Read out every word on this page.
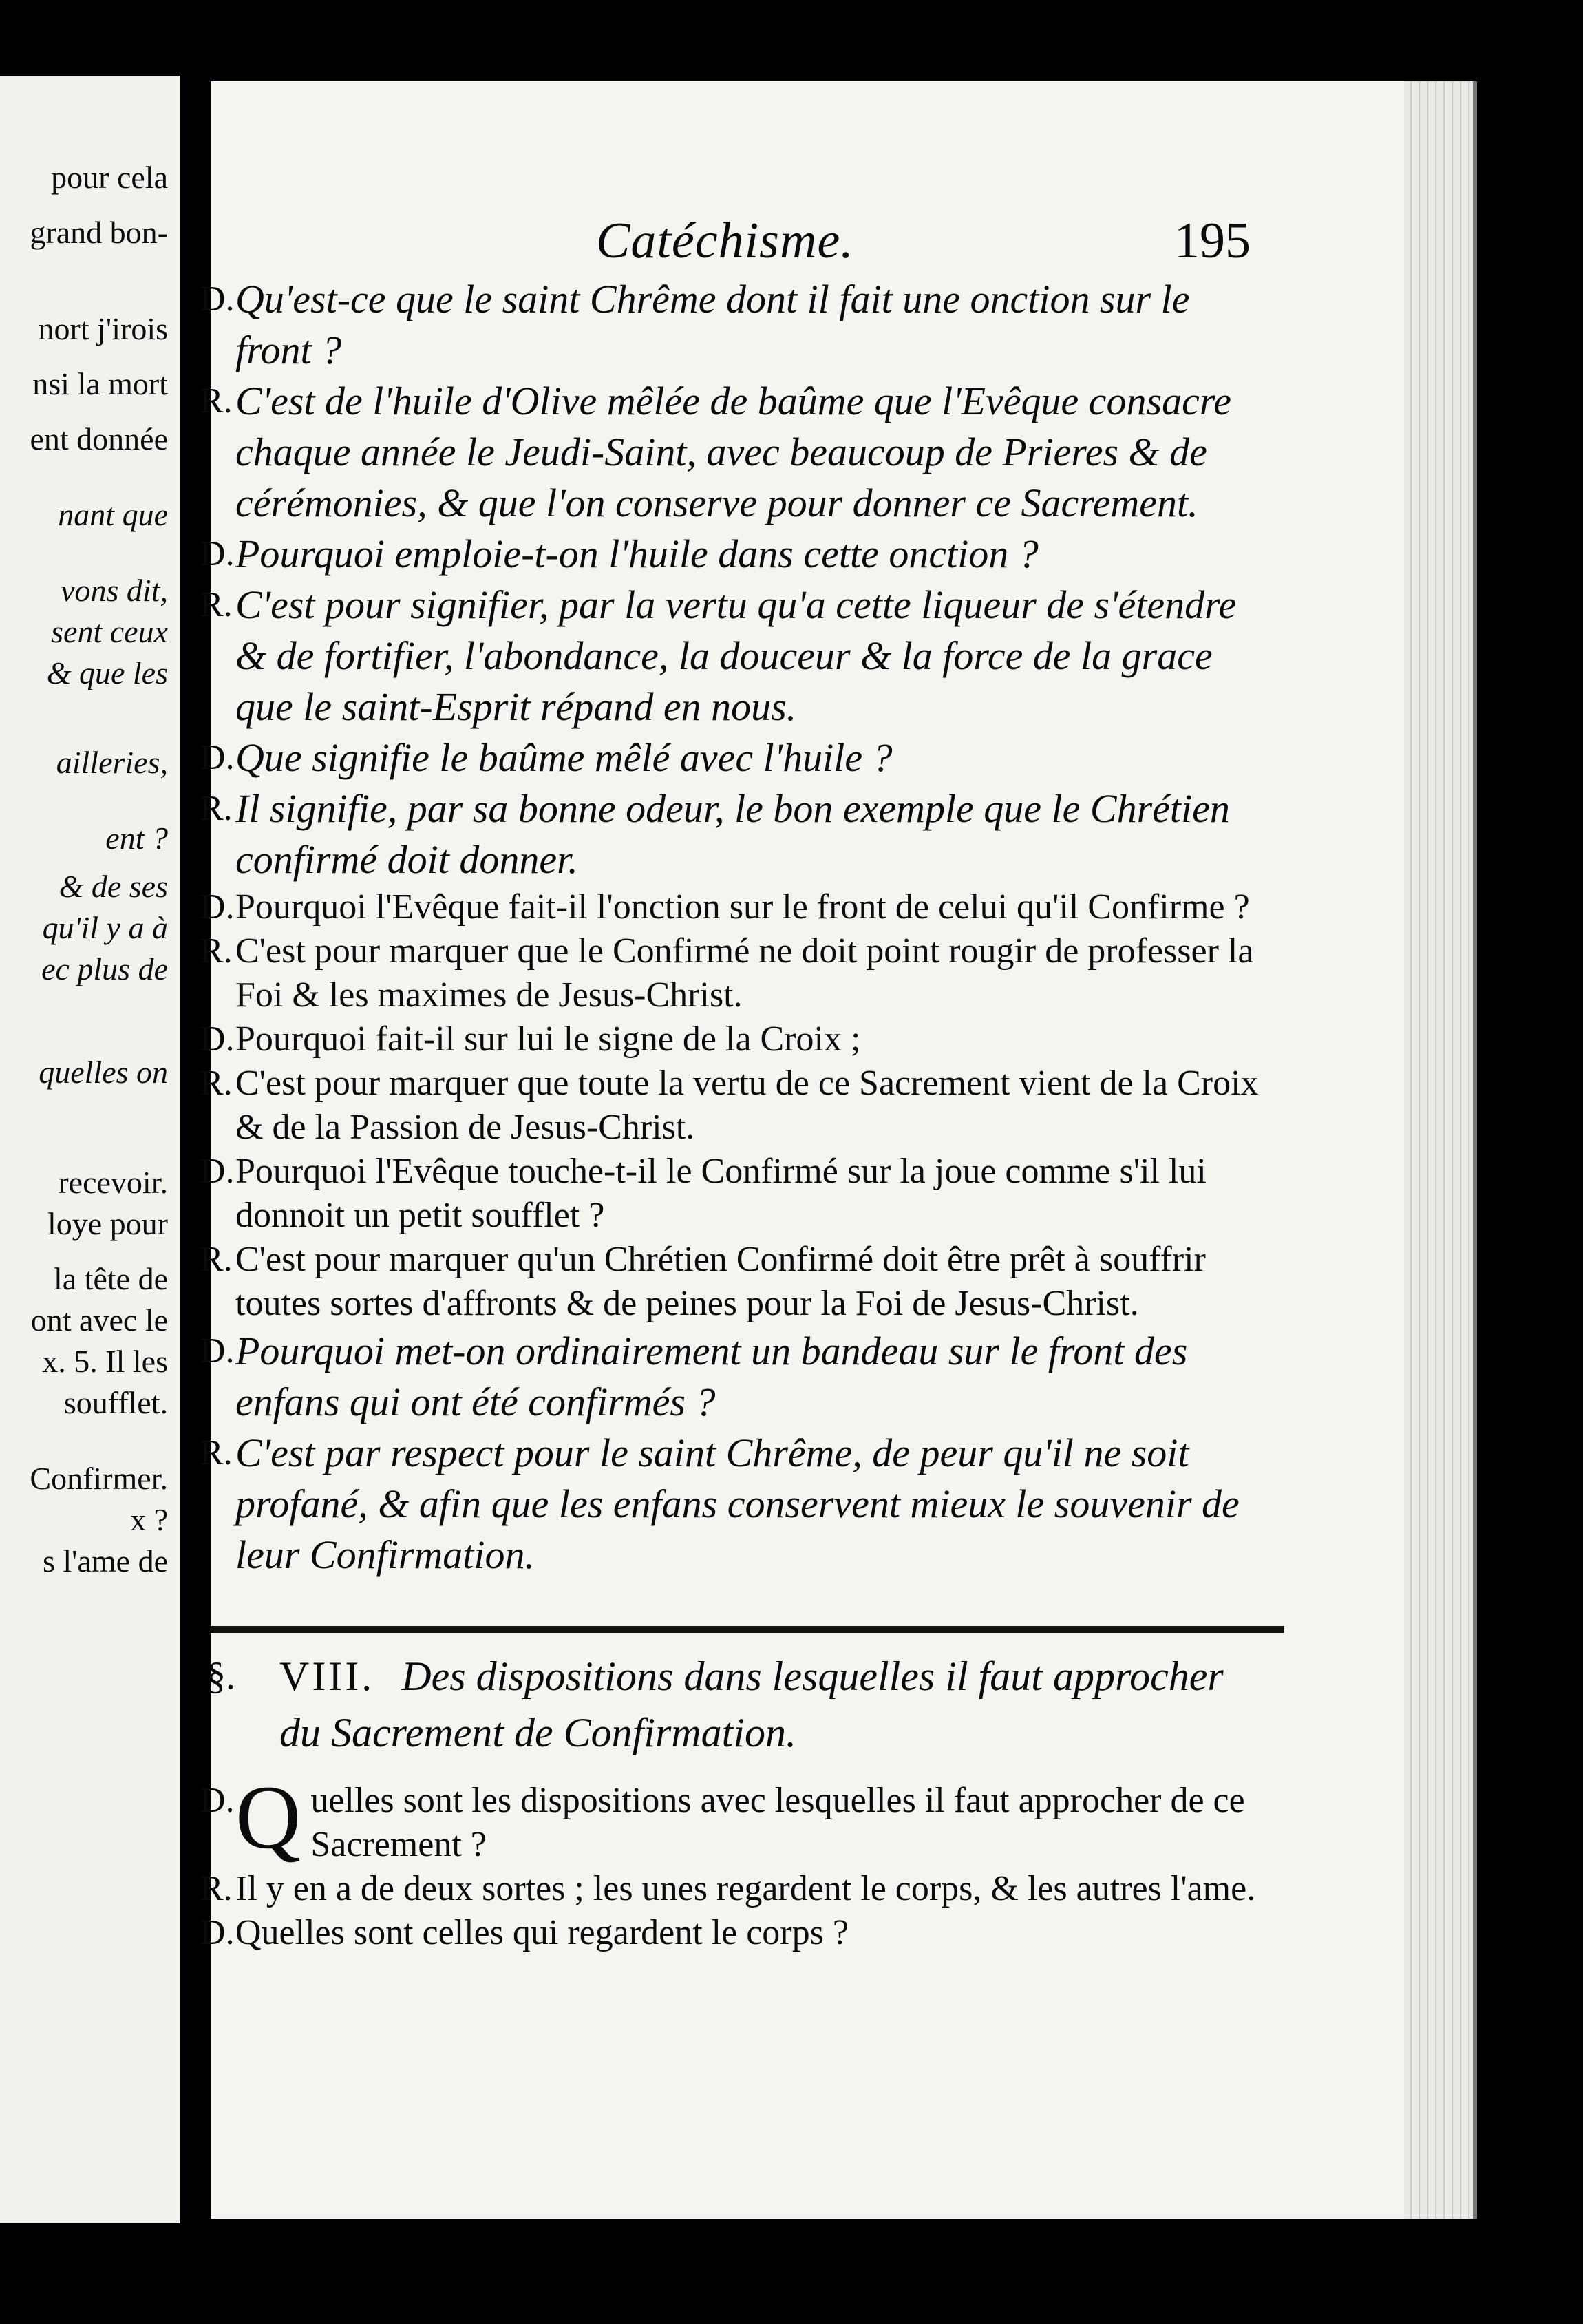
pour cela
grand bon-
nort j'irois
nsi la mort
ent donnée
nant que
vons dit,
sent ceux
& que les
ailleries,
ent ?
& de ses
qu'il y a à
ec plus de
quelles on
recevoir.
loye pour
la tête de
ont avec le
x. 5. Il les
soufflet.
Confirmer.
x ?
s l'ame de
Catéchisme.	195
D. Qu'est-ce que le saint Chrême dont il fait une onction sur le front ?
R. C'est de l'huile d'Olive mêlée de baûme que l'Evêque consacre chaque année le Jeudi-Saint, avec beaucoup de Prieres & de cérémonies, & que l'on conserve pour donner ce Sacrement.
D. Pourquoi emploie-t-on l'huile dans cette onction ?
R. C'est pour signifier, par la vertu qu'a cette liqueur de s'étendre & de fortifier, l'abondance, la douceur & la force de la grace que le saint-Esprit répand en nous.
D. Que signifie le baûme mêlé avec l'huile ?
R. Il signifie, par sa bonne odeur, le bon exemple que le Chrétien confirmé doit donner.
D. Pourquoi l'Evêque fait-il l'onction sur le front de celui qu'il Confirme ?
R. C'est pour marquer que le Confirmé ne doit point rougir de professer la Foi & les maximes de Jesus-Christ.
D. Pourquoi fait-il sur lui le signe de la Croix ;
R. C'est pour marquer que toute la vertu de ce Sacrement vient de la Croix & de la Passion de Jesus-Christ.
D. Pourquoi l'Evêque touche-t-il le Confirmé sur la joue comme s'il lui donnoit un petit soufflet ?
R. C'est pour marquer qu'un Chrétien Confirmé doit être prêt à souffrir toutes sortes d'affronts & de peines pour la Foi de Jesus-Christ.
D. Pourquoi met-on ordinairement un bandeau sur le front des enfans qui ont été confirmés ?
R. C'est par respect pour le saint Chrême, de peur qu'il ne soit profané, & afin que les enfans conservent mieux le souvenir de leur Confirmation.
§. VIII. Des dispositions dans lesquelles il faut approcher du Sacrement de Confirmation.
D. Q uelles sont les dispositions avec lesquelles il faut approcher de ce Sacrement ?
R. Il y en a de deux sortes ; les unes regardent le corps, & les autres l'ame.
D. Quelles sont celles qui regardent le corps ?
